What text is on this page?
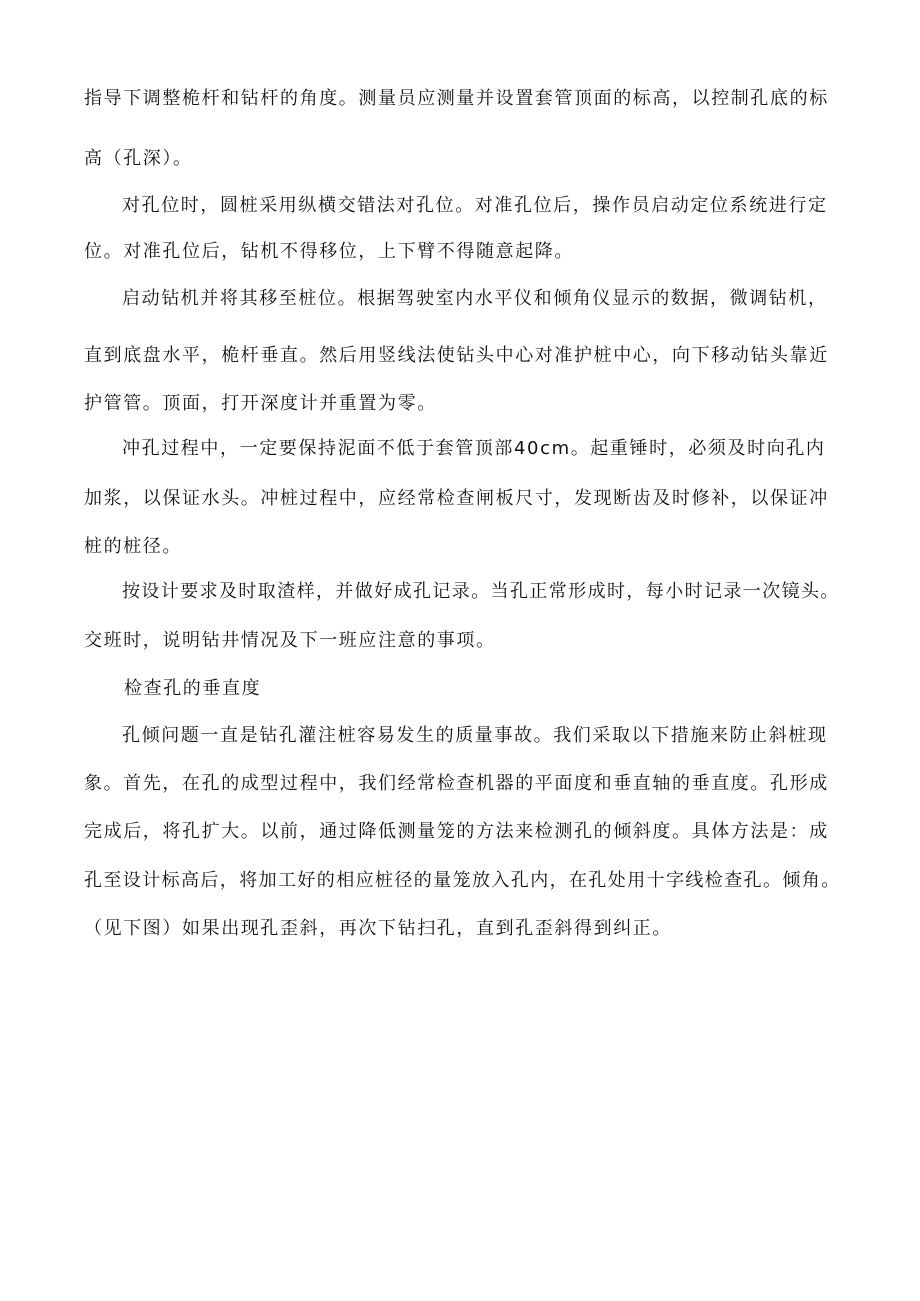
指导下调整桅杆和钻杆的角度。测量员应测量并设置套管顶面的标高，以控制孔底的标
高（孔深）。
对孔位时，圆桩采用纵横交错法对孔位。对准孔位后，操作员启动定位系统进行定
位。对准孔位后，钻机不得移位，上下臂不得随意起降。
启动钻机并将其移至桩位。根据驾驶室内水平仪和倾角仪显示的数据，微调钻机，
直到底盘水平，桅杆垂直。然后用竖线法使钻头中心对准护桩中心，向下移动钻头靠近
护管管。顶面，打开深度计并重置为零。
冲孔过程中，一定要保持泥面不低于套管顶部40cm。起重锤时，必须及时向孔内
加浆，以保证水头。冲桩过程中，应经常检查闸板尺寸，发现断齿及时修补，以保证冲
桩的桩径。
按设计要求及时取渣样，并做好成孔记录。当孔正常形成时，每小时记录一次镜头。
交班时，说明钻井情况及下一班应注意的事项。
检查孔的垂直度
孔倾问题一直是钻孔灌注桩容易发生的质量事故。我们采取以下措施来防止斜桩现
象。首先，在孔的成型过程中，我们经常检查机器的平面度和垂直轴的垂直度。孔形成
完成后，将孔扩大。以前，通过降低测量笼的方法来检测孔的倾斜度。具体方法是：成
孔至设计标高后，将加工好的相应桩径的量笼放入孔内，在孔处用十字线检查孔。倾角。
（见下图）如果出现孔歪斜，再次下钻扫孔，直到孔歪斜得到纠正。
